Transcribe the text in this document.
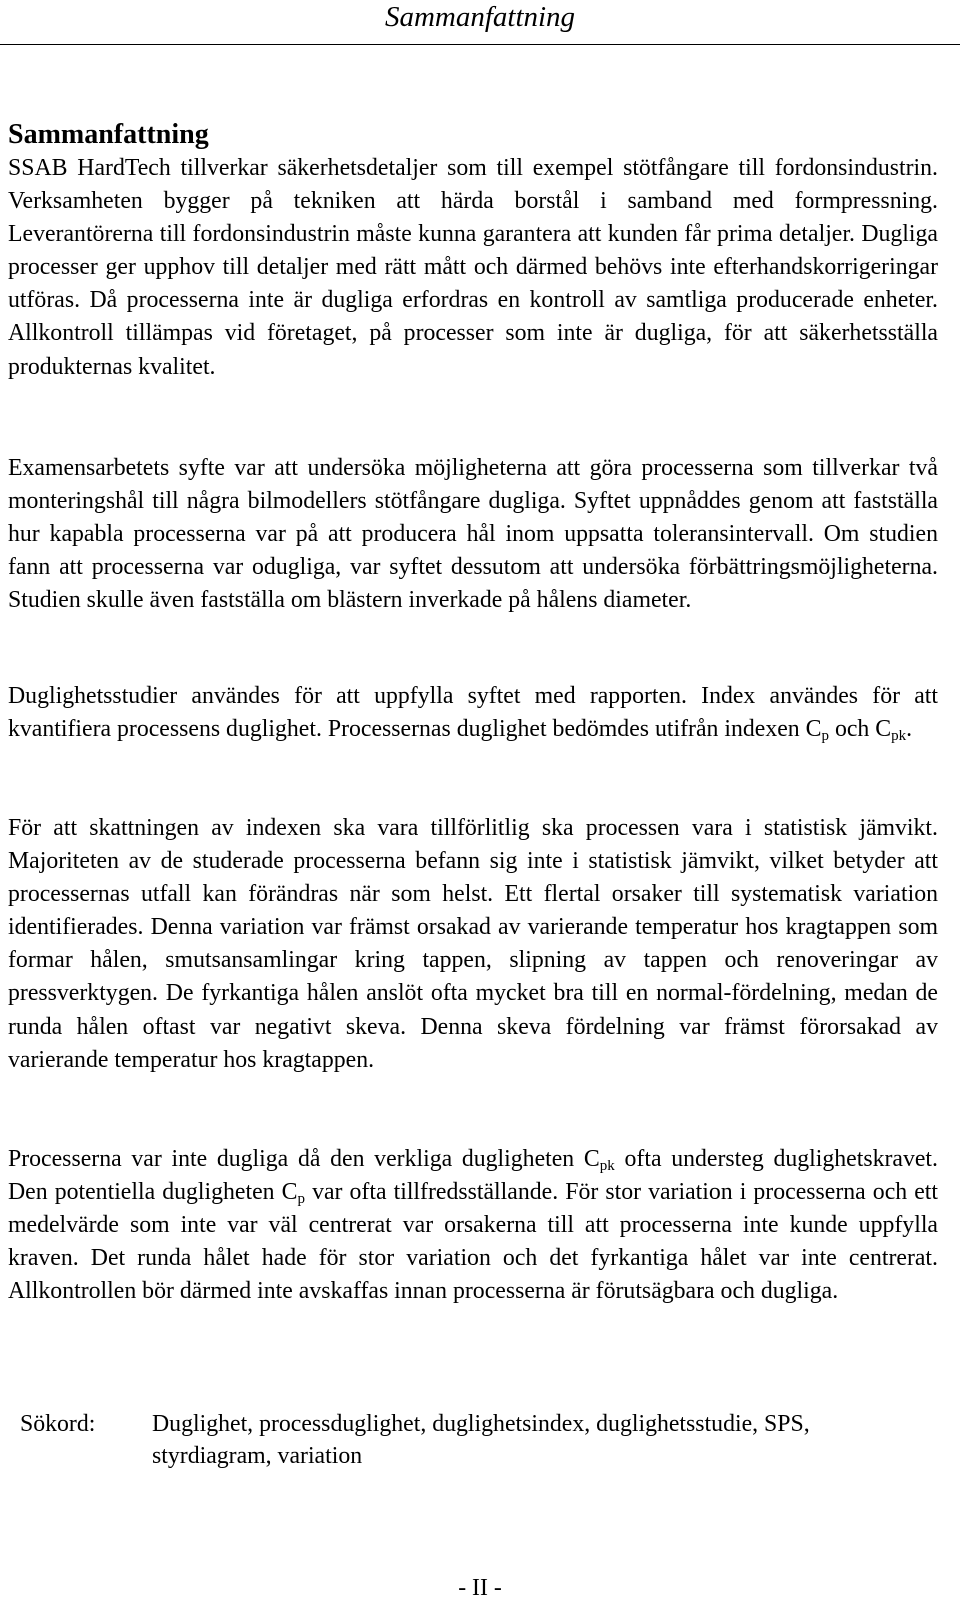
Sammanfattning
Sammanfattning

SSAB HardTech tillverkar säkerhetsdetaljer som till exempel stötfångare till fordonsindustrin. Verksamheten bygger på tekniken att härda borstål i samband med formpressning. Leverantörerna till fordonsindustrin måste kunna garantera att kunden får prima detaljer. Dugliga processer ger upphov till detaljer med rätt mått och därmed behövs inte efterhandskorrigeringar utföras. Då processerna inte är dugliga erfordras en kontroll av samtliga producerade enheter. Allkontroll tillämpas vid företaget, på processer som inte är dugliga, för att säkerhetsställa produkternas kvalitet.

Examensarbetets syfte var att undersöka möjligheterna att göra processerna som tillverkar två monteringshål till några bilmodellers stötfångare dugliga. Syftet uppnåddes genom att fastställa hur kapabla processerna var på att producera hål inom uppsatta toleransintervall. Om studien fann att processerna var odugliga, var syftet dessutom att undersöka förbättringsmöjligheterna. Studien skulle även fastställa om blästern inverkade på hålens diameter.

Duglighetsstudier användes för att uppfylla syftet med rapporten. Index användes för att kvantifiera processens duglighet. Processernas duglighet bedömdes utifrån indexen $C_p$ och $C_{pk}$.

För att skattningen av indexen ska vara tillförlitlig ska processen vara i statistisk jämvikt. Majoriteten av de studerade processerna befann sig inte i statistisk jämvikt, vilket betyder att processernas utfall kan förändras när som helst. Ett flertal orsaker till systematisk variation identifierades. Denna variation var främst orsakad av varierande temperatur hos kragtappen som formar hålen, smutsansamlingar kring tappen, slipning av tappen och renoveringar av pressverktygen. De fyrkantiga hålen anslöt ofta mycket bra till en normal-fördelning, medan de runda hålen oftast var negativt skeva. Denna skeva fördelning var främst förorsakad av varierande temperatur hos kragtappen.

Processerna var inte dugliga då den verkliga dugligheten $C_{pk}$ ofta understeg duglighetskravet. Den potentiella dugligheten $C_p$ var ofta tillfredsställande. För stor variation i processerna och ett medelvärde som inte var väl centrerat var orsakerna till att processerna inte kunde uppfylla kraven. Det runda hålet hade för stor variation och det fyrkantiga hålet var inte centrerat. Allkontrollen bör därmed inte avskaffas innan processerna är förutsägbara och dugliga.

Sökord: Duglighet, processduglighet, duglighetsindex, duglighetsstudie, SPS, styrdiagram, variation
- II -
